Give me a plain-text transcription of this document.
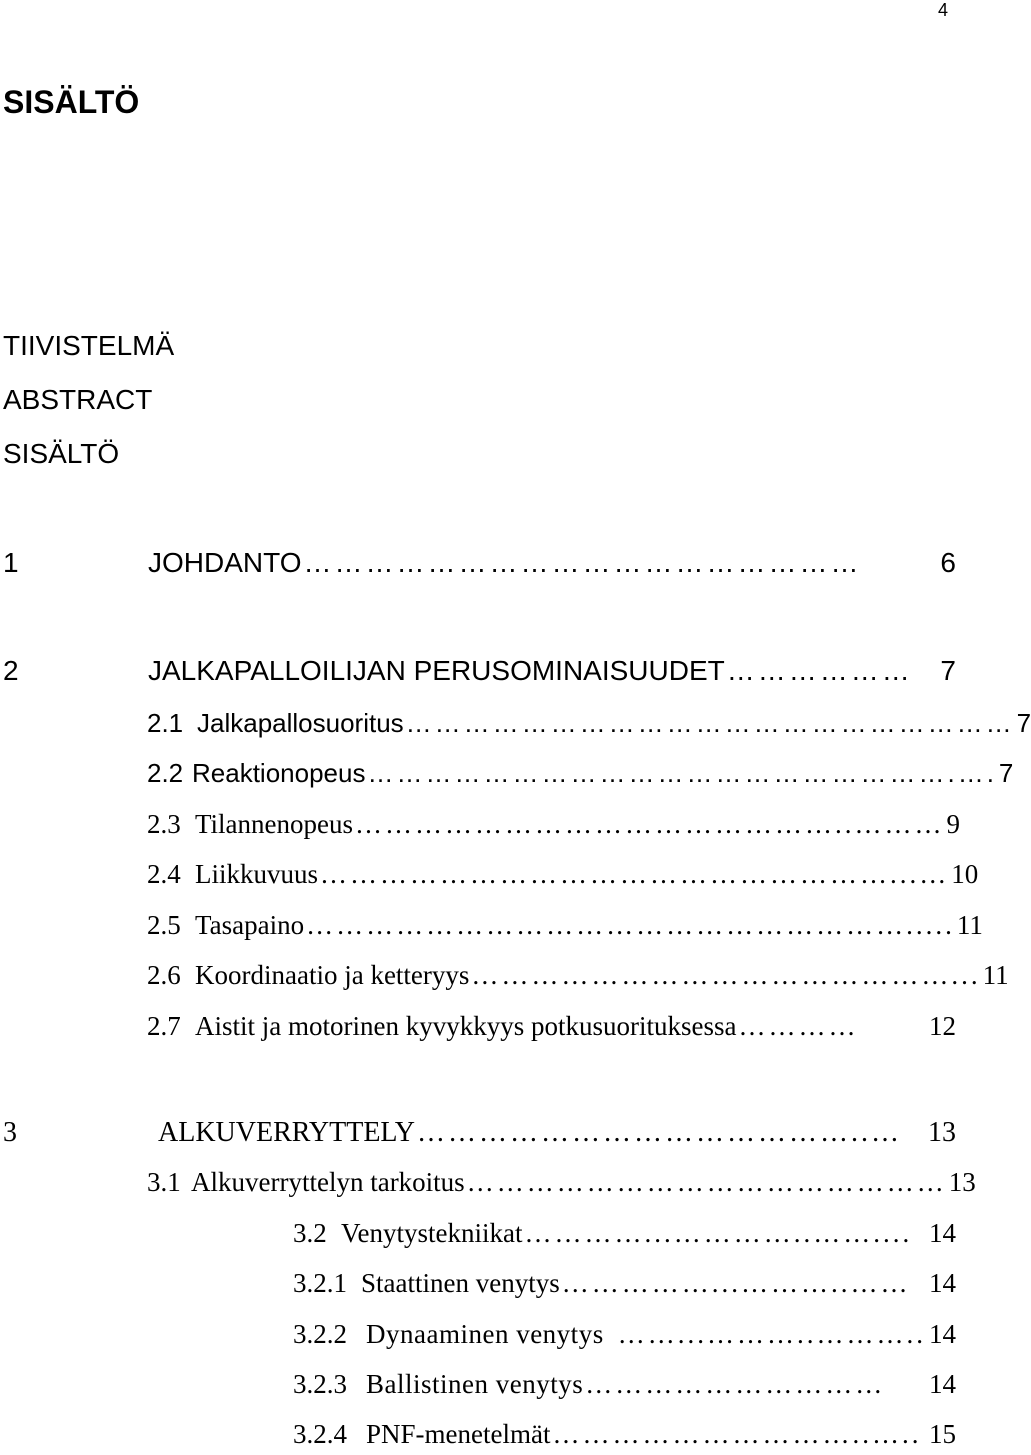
4
SISÄLTÖ
TIIVISTELMÄ
ABSTRACT
SISÄLTÖ
1	JOHDANTO ………………………………………………	6
2	JALKAPALLOILIJAN PERUSOMINAISUUDET ……………… 7
2.1 Jalkapallosuoritus ……………………………………………………… 7
2.2 Reaktionopeus …………………………………………………….…. 7
2.3 Tilannenopeus …………………………………………..……… 9
2.4 Liikkuvuus …………………………………………………...… 10
2.5 Tasapaino ……………………………………………………..... 11
2.6 Koordinaatio ja ketteryys …………………………………………... 11
2.7 Aistit ja motorinen kyvykkyys potkusuorituksessa …………	12
3	ALKUVERRYTTELY ……………………………………..… 13
3.1 Alkuverryttelyn tarkoitus ………………………………………… 13
3.2 Venytystekniikat …………...…………..…….... 14
3.2.1 Staattinen venytys ……………...………..…… 14
3.2.2 Dynaaminen venytys ……...………..……….. 14
3.2.3 Ballistinen venytys …………………………	14
3.2.4 PNF-menetelmät …………………………..….. 15
